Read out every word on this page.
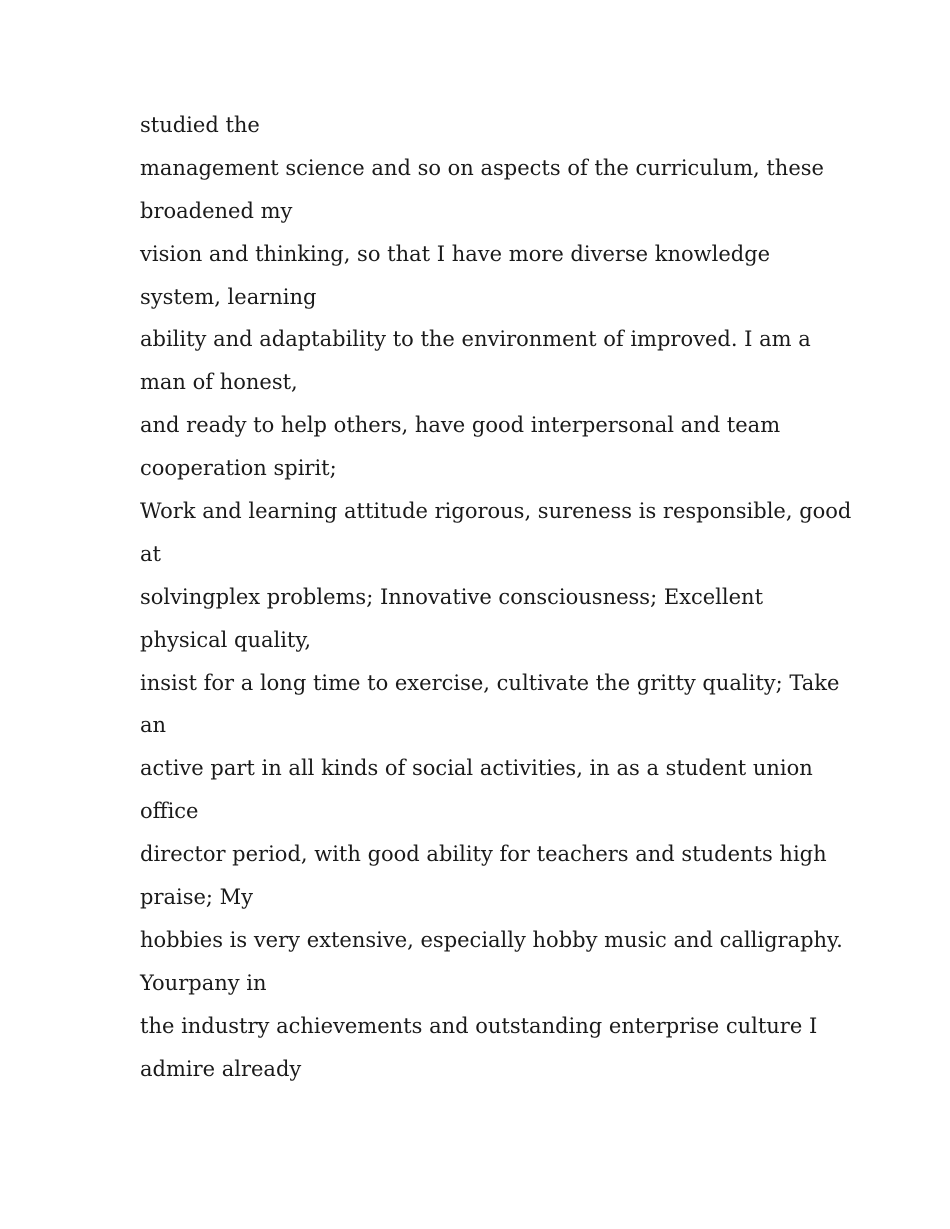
studied the
management science and so on aspects of the curriculum, these
broadened my
vision and thinking, so that I have more diverse knowledge
system, learning
ability and adaptability to the environment of improved. I am a
man of honest,
and ready to help others, have good interpersonal and team
cooperation spirit;
Work and learning attitude rigorous, sureness is responsible, good
at
solvingplex problems; Innovative consciousness; Excellent
physical quality,
insist for a long time to exercise, cultivate the gritty quality; Take
an
active part in all kinds of social activities, in as a student union
office
director period, with good ability for teachers and students high
praise; My
hobbies is very extensive, especially hobby music and calligraphy.
Yourpany in
the industry achievements and outstanding enterprise culture I
admire already
